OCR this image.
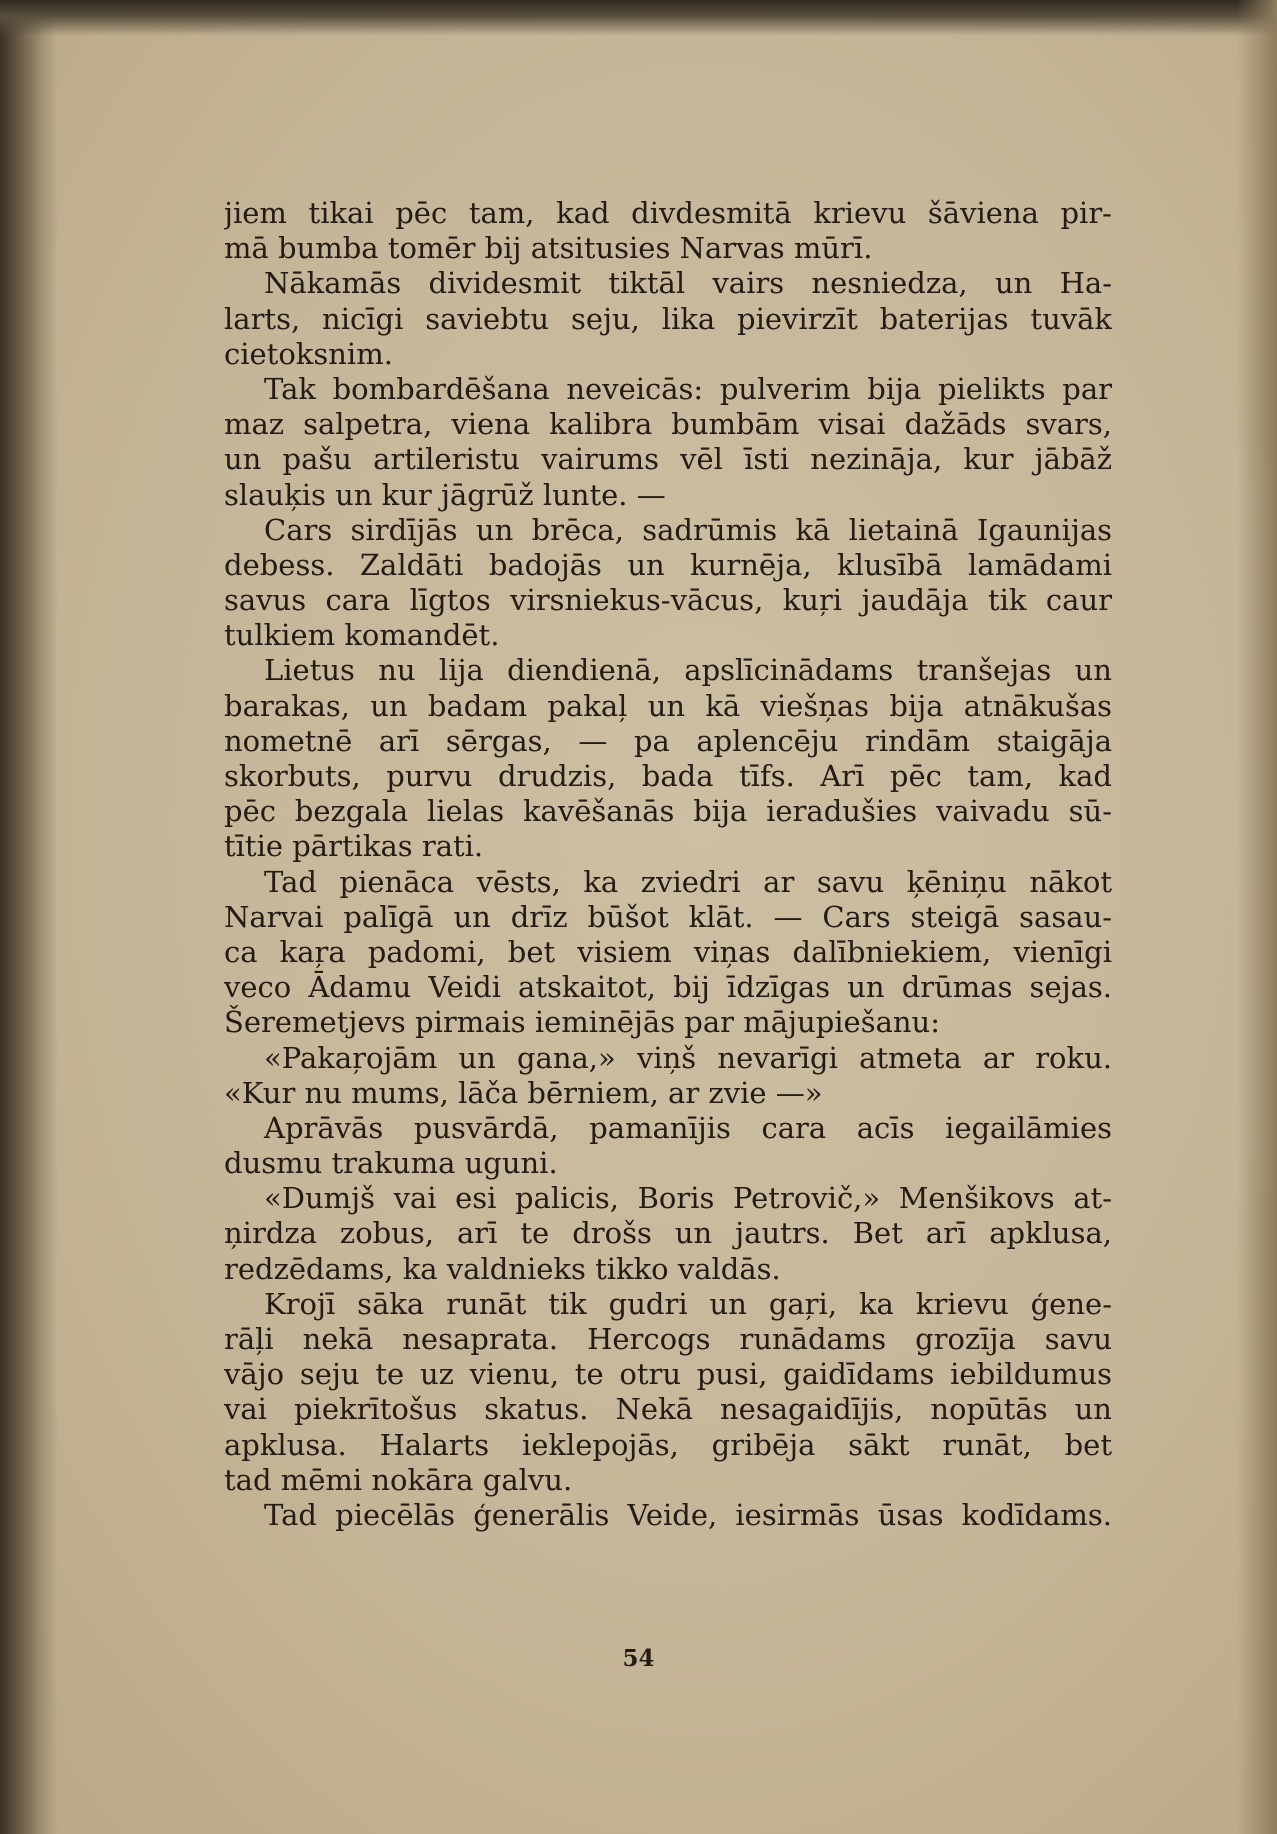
jiem tikai pēc tam, kad divdesmitā krievu šāviena pir-
mā bumba tomēr bij atsitusies Narvas mūrī.
Nākamās dividesmit tiktāl vairs nesniedza, un Ha-
larts, nicīgi saviebtu seju, lika pievirzīt baterijas tuvāk
cietoksnim.
Tak bombardēšana neveicās: pulverim bija pielikts par
maz salpetra, viena kalibra bumbām visai dažāds svars,
un pašu artileristu vairums vēl īsti nezināja, kur jābāž
slauķis un kur jāgrūž lunte. —
Cars sirdījās un brēca, sadrūmis kā lietainā Igaunijas
debess. Zaldāti badojās un kurnēja, klusībā lamādami
savus cara līgtos virsniekus-vācus, kuŗi jaudāja tik caur
tulkiem komandēt.
Lietus nu lija diendienā, apslīcinādams tranšejas un
barakas, un badam pakaļ un kā viešņas bija atnākušas
nometnē arī sērgas, — pa aplencēju rindām staigāja
skorbuts, purvu drudzis, bada tīfs. Arī pēc tam, kad
pēc bezgala lielas kavēšanās bija ieradušies vaivadu sū-
tītie pārtikas rati.
Tad pienāca vēsts, ka zviedri ar savu ķēniņu nākot
Narvai palīgā un drīz būšot klāt. — Cars steigā sasau-
ca kaŗa padomi, bet visiem viņas dalībniekiem, vienīgi
veco Ādamu Veidi atskaitot, bij īdzīgas un drūmas sejas.
Šeremetjevs pirmais ieminējās par mājupiešanu:
«Pakaŗojām un gana,» viņš nevarīgi atmeta ar roku.
«Kur nu mums, lāča bērniem, ar zvie —»
Aprāvās pusvārdā, pamanījis cara acīs iegailāmies
dusmu trakuma uguni.
«Dumjš vai esi palicis, Boris Petrovič,» Menšikovs at-
ņirdza zobus, arī te drošs un jautrs. Bet arī apklusa,
redzēdams, ka valdnieks tikko valdās.
Krojī sāka runāt tik gudri un gaŗi, ka krievu ģene-
rāļi nekā nesaprata. Hercogs runādams grozīja savu
vājo seju te uz vienu, te otru pusi, gaidīdams iebildumus
vai piekrītošus skatus. Nekā nesagaidījis, nopūtās un
apklusa. Halarts ieklepojās, gribēja sākt runāt, bet
tad mēmi nokāra galvu.
Tad piecēlās ģenerālis Veide, iesirmās ūsas kodīdams.
54
